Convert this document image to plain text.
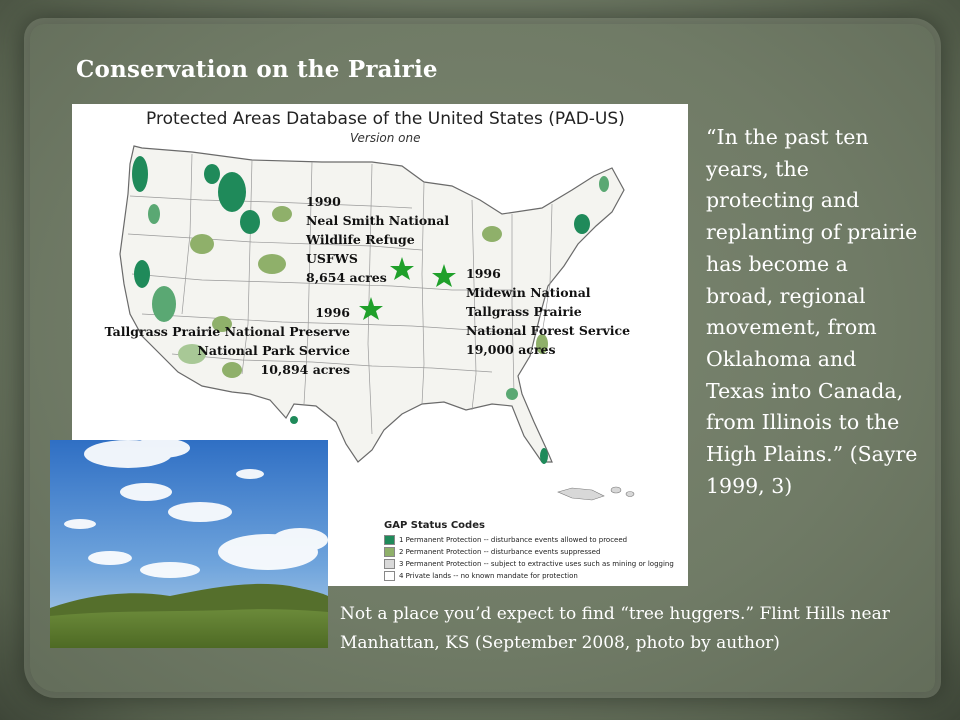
Conservation on the Prairie
Protected Areas Database of the United States (PAD-US)
Version one
1990
Neal Smith National
Wildlife Refuge
USFWS
8,654 acres	1996
Midewin National
Tallgrass Prairie
National Forest Service
19,000 acres
1996
Tallgrass Prairie National Preserve
National Park Service
10,894 acres
GAP Status Codes
1 Permanent Protection -- disturbance events allowed to proceed
2 Permanent Protection -- disturbance events suppressed
3 Permanent Protection -- subject to extractive uses such as mining or logging
4 Private lands -- no known mandate for protection

“In the past ten years, the protecting and replanting of prairie has become a broad, regional movement, from Oklahoma and Texas into Canada, from Illinois to the High Plains.” (Sayre 1999, 3)

Not a place you’d expect to find “tree huggers.” Flint Hills near Manhattan, KS (September 2008, photo by author)
